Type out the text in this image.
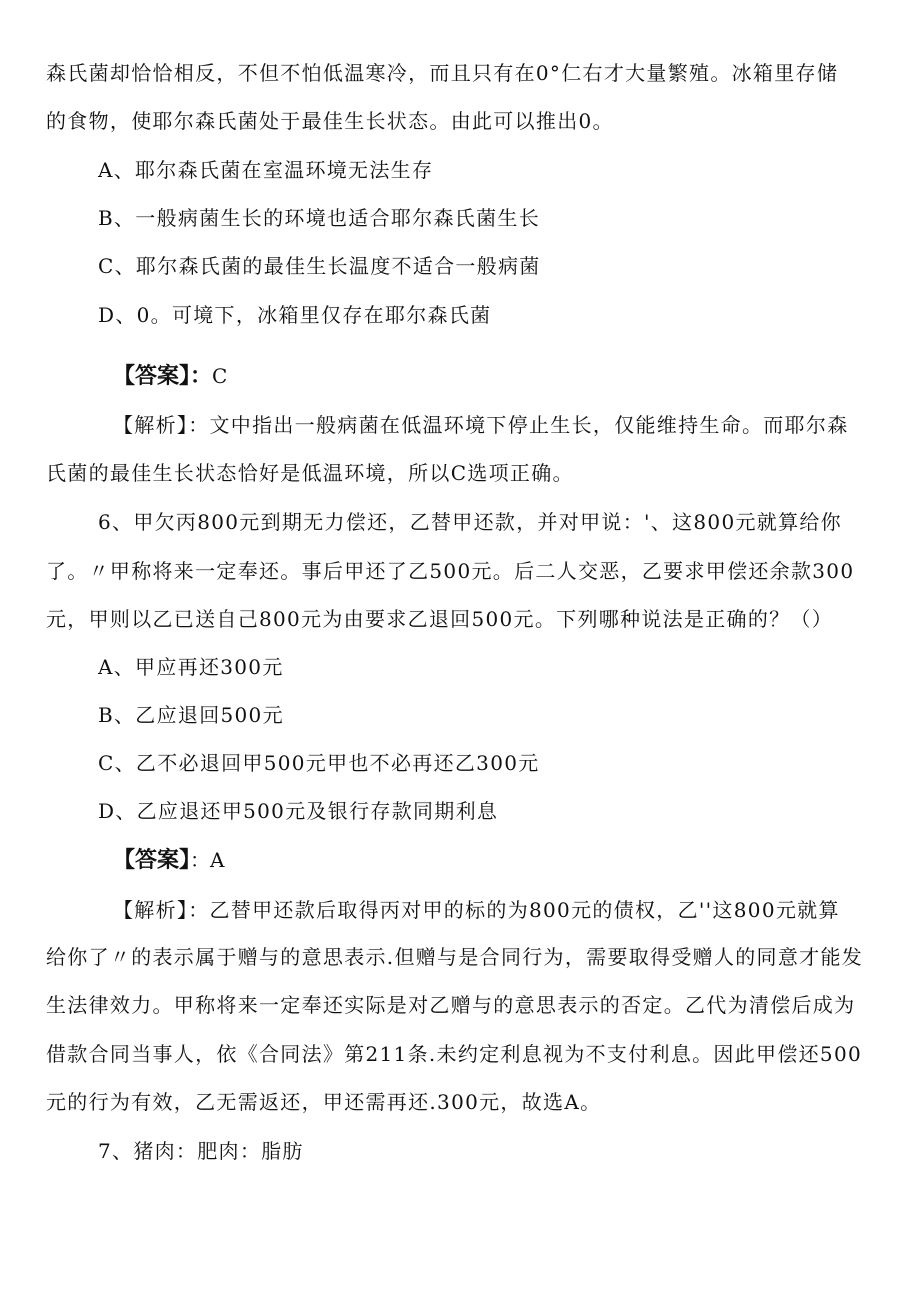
森氏菌却恰恰相反，不但不怕低温寒冷，而且只有在0°仁右才大量繁殖。冰箱里存储
的食物，使耶尔森氏菌处于最佳生长状态。由此可以推出0。
A、耶尔森氏菌在室温环境无法生存
B、一般病菌生长的环境也适合耶尔森氏菌生长
C、耶尔森氏菌的最佳生长温度不适合一般病菌
D、0。可境下，冰箱里仅存在耶尔森氏菌
【答案】：C
【解析】：文中指出一般病菌在低温环境下停止生长，仅能维持生命。而耶尔森
氏菌的最佳生长状态恰好是低温环境，所以C选项正确。
6、甲欠丙800元到期无力偿还，乙替甲还款，并对甲说：'、这800元就算给你
了。〃甲称将来一定奉还。事后甲还了乙500元。后二人交恶，乙要求甲偿还余款300
元，甲则以乙已送自己800元为由要求乙退回500元。下列哪种说法是正确的？（）
A、甲应再还300元
B、乙应退回500元
C、乙不必退回甲500元甲也不必再还乙300元
D、乙应退还甲500元及银行存款同期利息
【答案】：A
【解析】：乙替甲还款后取得丙对甲的标的为800元的债权，乙''这800元就算
给你了〃的表示属于赠与的意思表示.但赠与是合同行为，需要取得受赠人的同意才能发
生法律效力。甲称将来一定奉还实际是对乙赠与的意思表示的否定。乙代为清偿后成为
借款合同当事人，依《合同法》第211条.未约定利息视为不支付利息。因此甲偿还500
元的行为有效，乙无需返还，甲还需再还.300元，故选A。
7、猪肉：肥肉：脂肪
